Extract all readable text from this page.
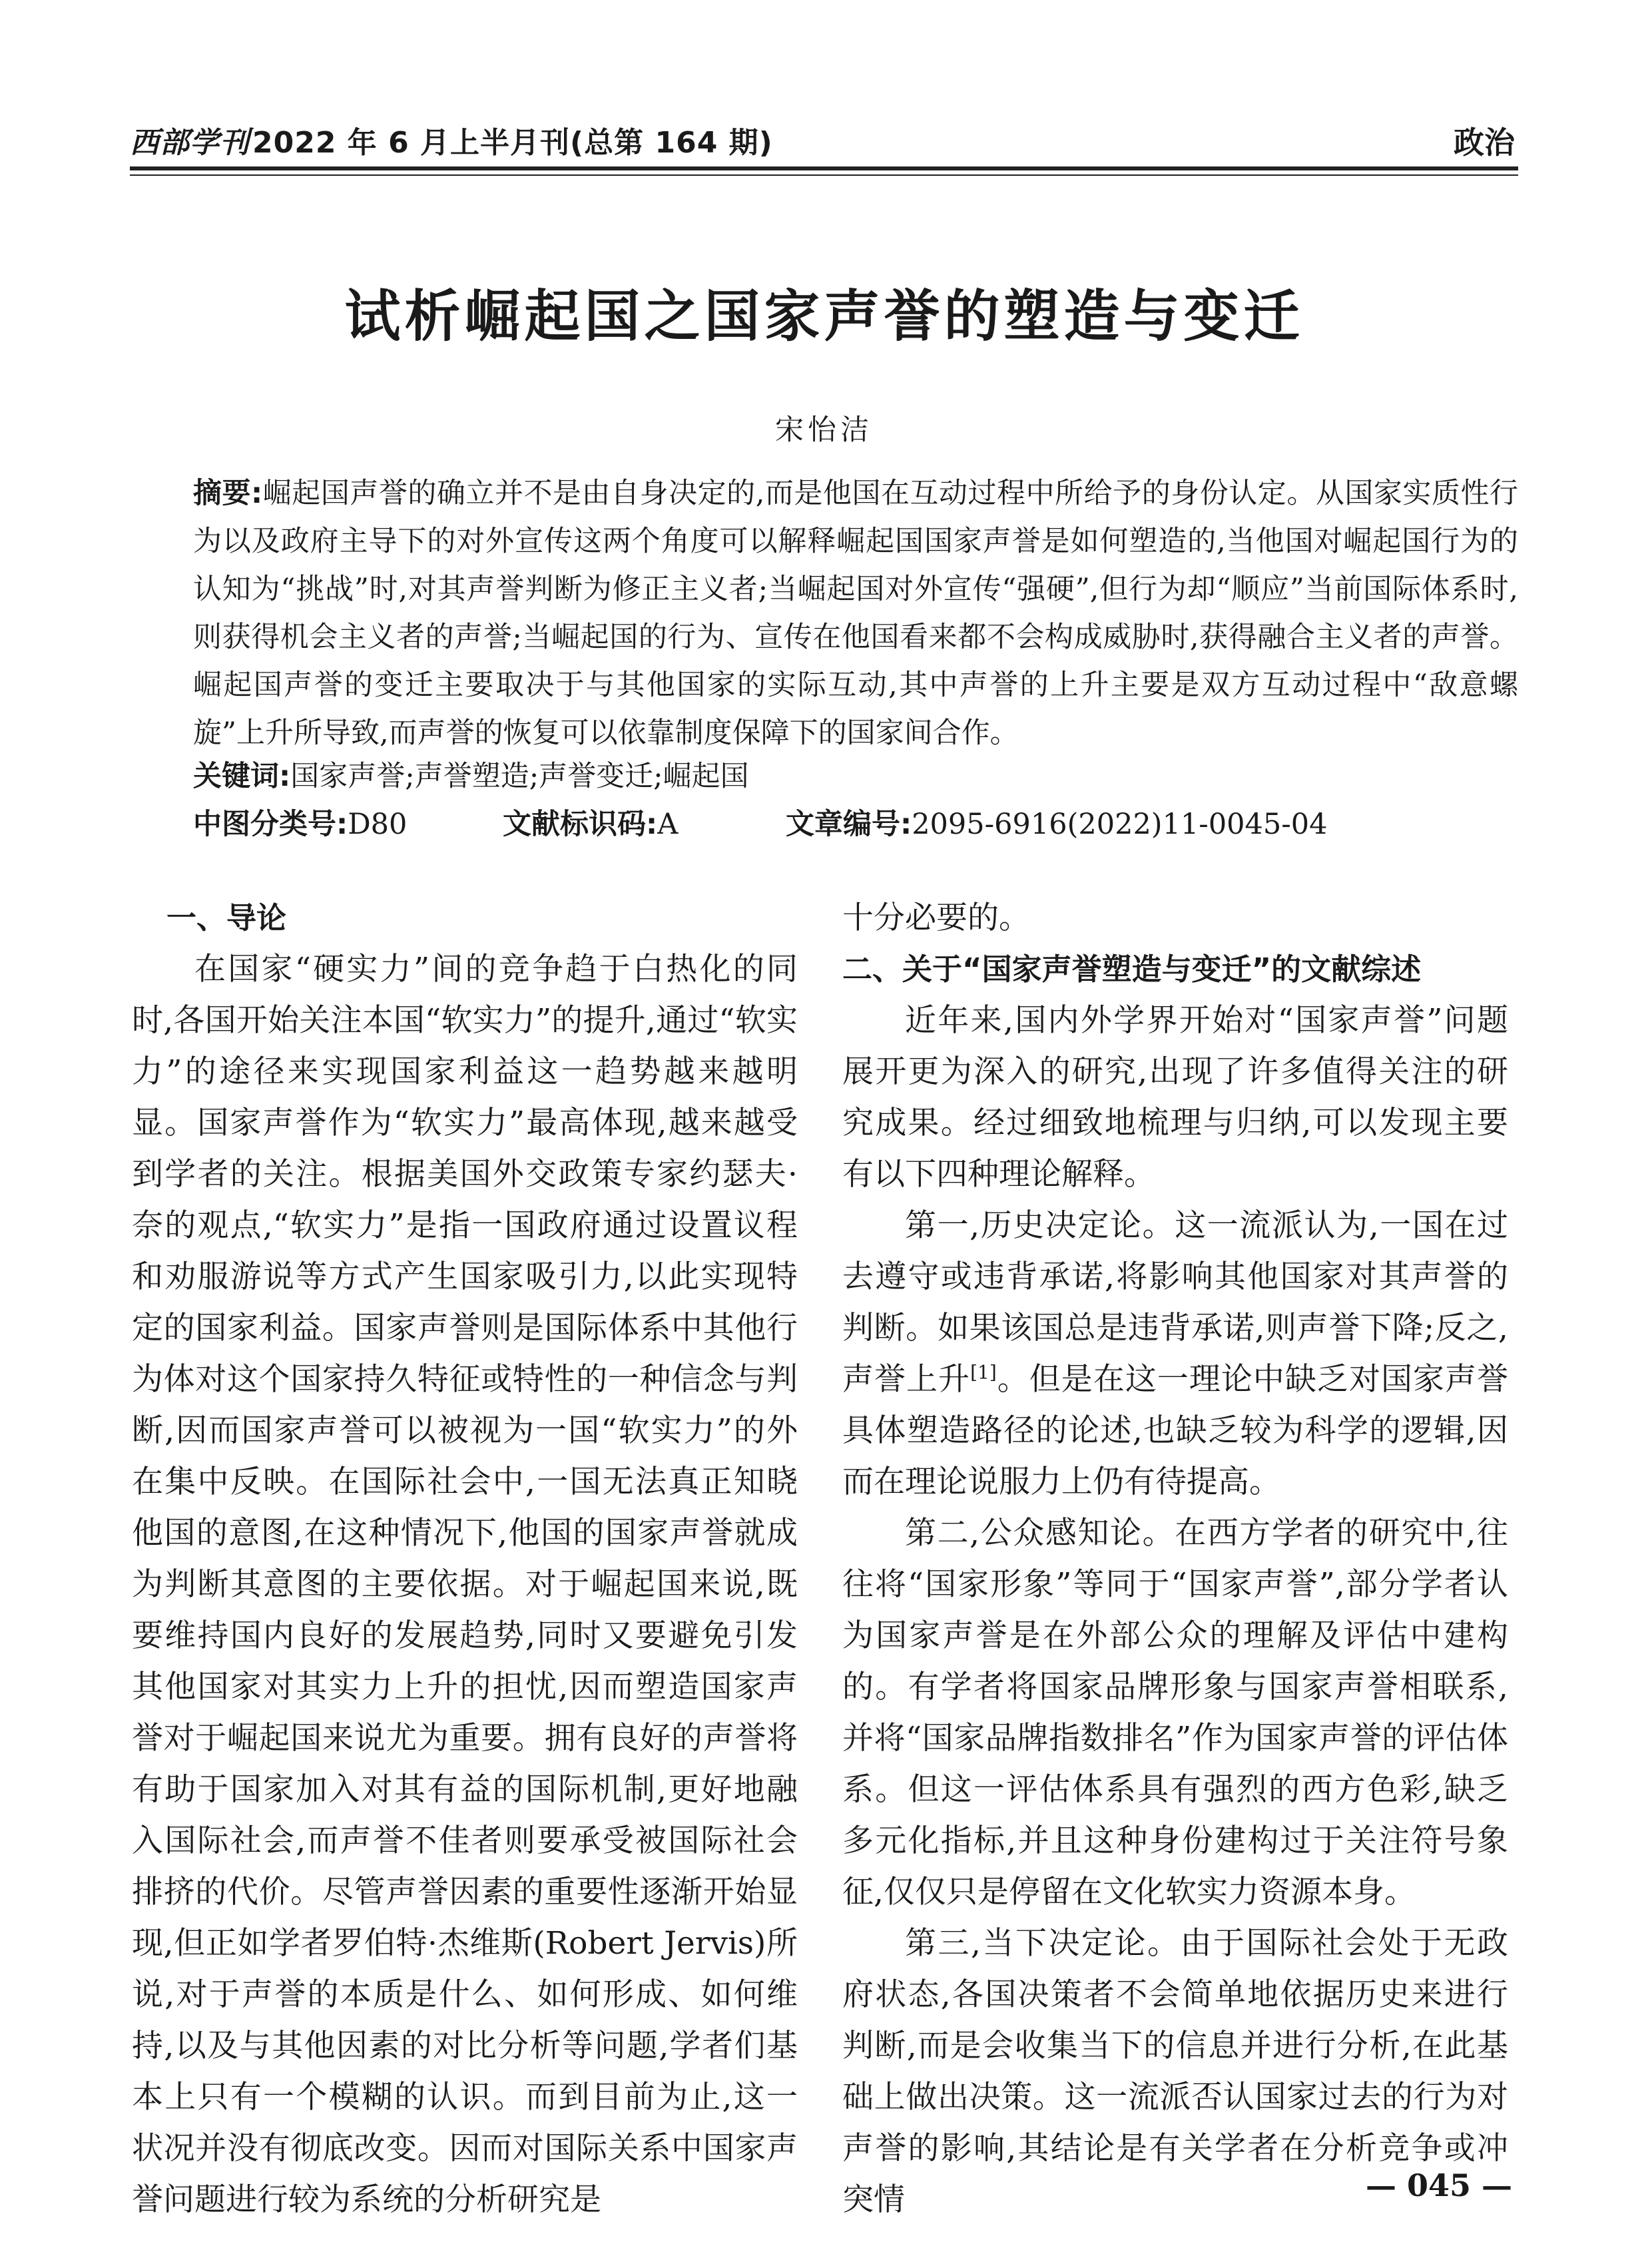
西部学刊2022 年 6 月上半月刊(总第 164 期)	政治
试析崛起国之国家声誉的塑造与变迁
宋怡洁
摘要:崛起国声誉的确立并不是由自身决定的,而是他国在互动过程中所给予的身份认定。从国家实质性行为以及政府主导下的对外宣传这两个角度可以解释崛起国国家声誉是如何塑造的,当他国对崛起国行为的认知为“挑战”时,对其声誉判断为修正主义者;当崛起国对外宣传“强硬”,但行为却“顺应”当前国际体系时,则获得机会主义者的声誉;当崛起国的行为、宣传在他国看来都不会构成威胁时,获得融合主义者的声誉。崛起国声誉的变迁主要取决于与其他国家的实际互动,其中声誉的上升主要是双方互动过程中“敌意螺旋”上升所导致,而声誉的恢复可以依靠制度保障下的国家间合作。
关键词:国家声誉;声誉塑造;声誉变迁;崛起国
中图分类号:D80	文献标识码:A	文章编号:2095-6916(2022)11-0045-04
一、导论

在国家“硬实力”间的竞争趋于白热化的同时,各国开始关注本国“软实力”的提升,通过“软实力”的途径来实现国家利益这一趋势越来越明显。国家声誉作为“软实力”最高体现,越来越受到学者的关注。根据美国外交政策专家约瑟夫·奈的观点,“软实力”是指一国政府通过设置议程和劝服游说等方式产生国家吸引力,以此实现特定的国家利益。国家声誉则是国际体系中其他行为体对这个国家持久特征或特性的一种信念与判断,因而国家声誉可以被视为一国“软实力”的外在集中反映。在国际社会中,一国无法真正知晓他国的意图,在这种情况下,他国的国家声誉就成为判断其意图的主要依据。对于崛起国来说,既要维持国内良好的发展趋势,同时又要避免引发其他国家对其实力上升的担忧,因而塑造国家声誉对于崛起国来说尤为重要。拥有良好的声誉将有助于国家加入对其有益的国际机制,更好地融入国际社会,而声誉不佳者则要承受被国际社会排挤的代价。尽管声誉因素的重要性逐渐开始显现,但正如学者罗伯特·杰维斯(Robert Jervis)所说,对于声誉的本质是什么、如何形成、如何维持,以及与其他因素的对比分析等问题,学者们基本上只有一个模糊的认识。而到目前为止,这一状况并没有彻底改变。因而对国际关系中国家声誉问题进行较为系统的分析研究是

十分必要的。

二、关于“国家声誉塑造与变迁”的文献综述

近年来,国内外学界开始对“国家声誉”问题展开更为深入的研究,出现了许多值得关注的研究成果。经过细致地梳理与归纳,可以发现主要有以下四种理论解释。

第一,历史决定论。这一流派认为,一国在过去遵守或违背承诺,将影响其他国家对其声誉的判断。如果该国总是违背承诺,则声誉下降;反之,声誉上升[1]。但是在这一理论中缺乏对国家声誉具体塑造路径的论述,也缺乏较为科学的逻辑,因而在理论说服力上仍有待提高。

第二,公众感知论。在西方学者的研究中,往往将“国家形象”等同于“国家声誉”,部分学者认为国家声誉是在外部公众的理解及评估中建构的。有学者将国家品牌形象与国家声誉相联系,并将“国家品牌指数排名”作为国家声誉的评估体系。但这一评估体系具有强烈的西方色彩,缺乏多元化指标,并且这种身份建构过于关注符号象征,仅仅只是停留在文化软实力资源本身。

第三,当下决定论。由于国际社会处于无政府状态,各国决策者不会简单地依据历史来进行判断,而是会收集当下的信息并进行分析,在此基础上做出决策。这一流派否认国家过去的行为对声誉的影响,其结论是有关学者在分析竞争或冲突情	— 045 —
